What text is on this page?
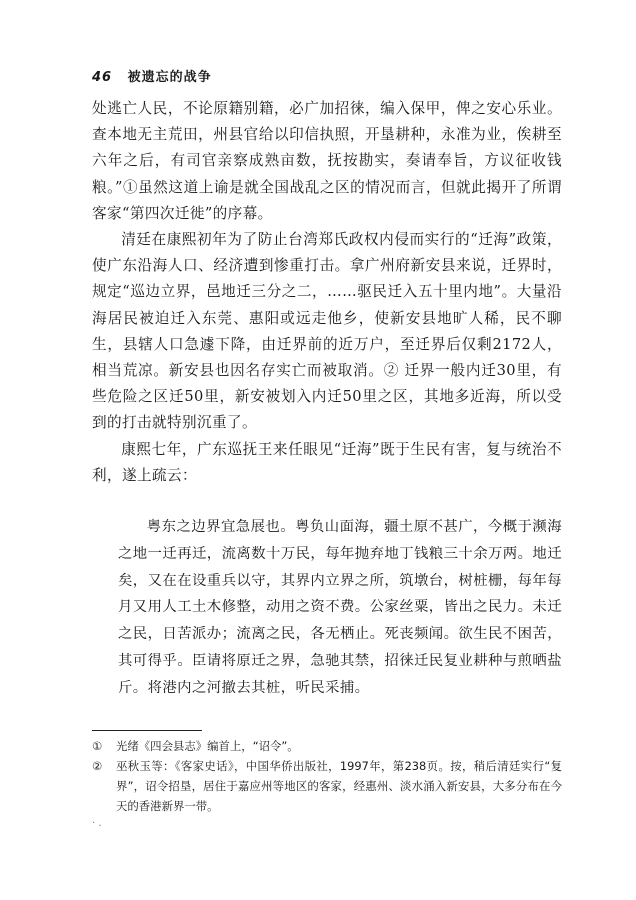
46 被遗忘的战争

处逃亡人民，不论原籍别籍，必广加招徕，编入保甲，俾之安心乐业。查本地无主荒田，州县官给以印信执照，开垦耕种，永准为业，俟耕至六年之后，有司官亲察成熟亩数，抚按勘实，奏请奉旨，方议征收钱粮。”①虽然这道上谕是就全国战乱之区的情况而言，但就此揭开了所谓客家“第四次迁徙”的序幕。

清廷在康熙初年为了防止台湾郑氏政权内侵而实行的“迁海”政策，使广东沿海人口、经济遭到惨重打击。拿广州府新安县来说，迁界时，规定“巡边立界，邑地迁三分之二，……驱民迁入五十里内地”。大量沿海居民被迫迁入东莞、惠阳或远走他乡，使新安县地旷人稀，民不聊生，县辖人口急遽下降，由迁界前的近万户，至迁界后仅剩2172人，相当荒凉。新安县也因名存实亡而被取消。② 迁界一般内迁30里，有些危险之区迁50里，新安被划入内迁50里之区，其地多近海，所以受到的打击就特别沉重了。

康熙七年，广东巡抚王来任眼见“迁海”既于生民有害，复与统治不利，遂上疏云：

粤东之边界宜急展也。粤负山面海，疆土原不甚广，今概于濒海之地一迁再迁，流离数十万民，每年抛弃地丁钱粮三十余万两。地迁矣，又在在设重兵以守，其界内立界之所，筑墩台，树桩栅，每年每月又用人工土木修整，动用之资不费。公家丝粟，皆出之民力。未迁之民，日苦派办；流离之民，各无栖止。死丧频闻。欲生民不困苦，其可得乎。臣请将原迁之界，急驰其禁，招徕迁民复业耕种与煎晒盐斤。将港内之河撤去其桩，听民采捕。

①	光绪《四会县志》编首上，“诏令”。
②	巫秋玉等：《客家史话》，中国华侨出版社，1997年，第238页。按，稍后清廷实行“复界”，诏令招垦，居住于嘉应州等地区的客家，经惠州、淡水涌入新安县，大多分布在今天的香港新界一带。
· .
